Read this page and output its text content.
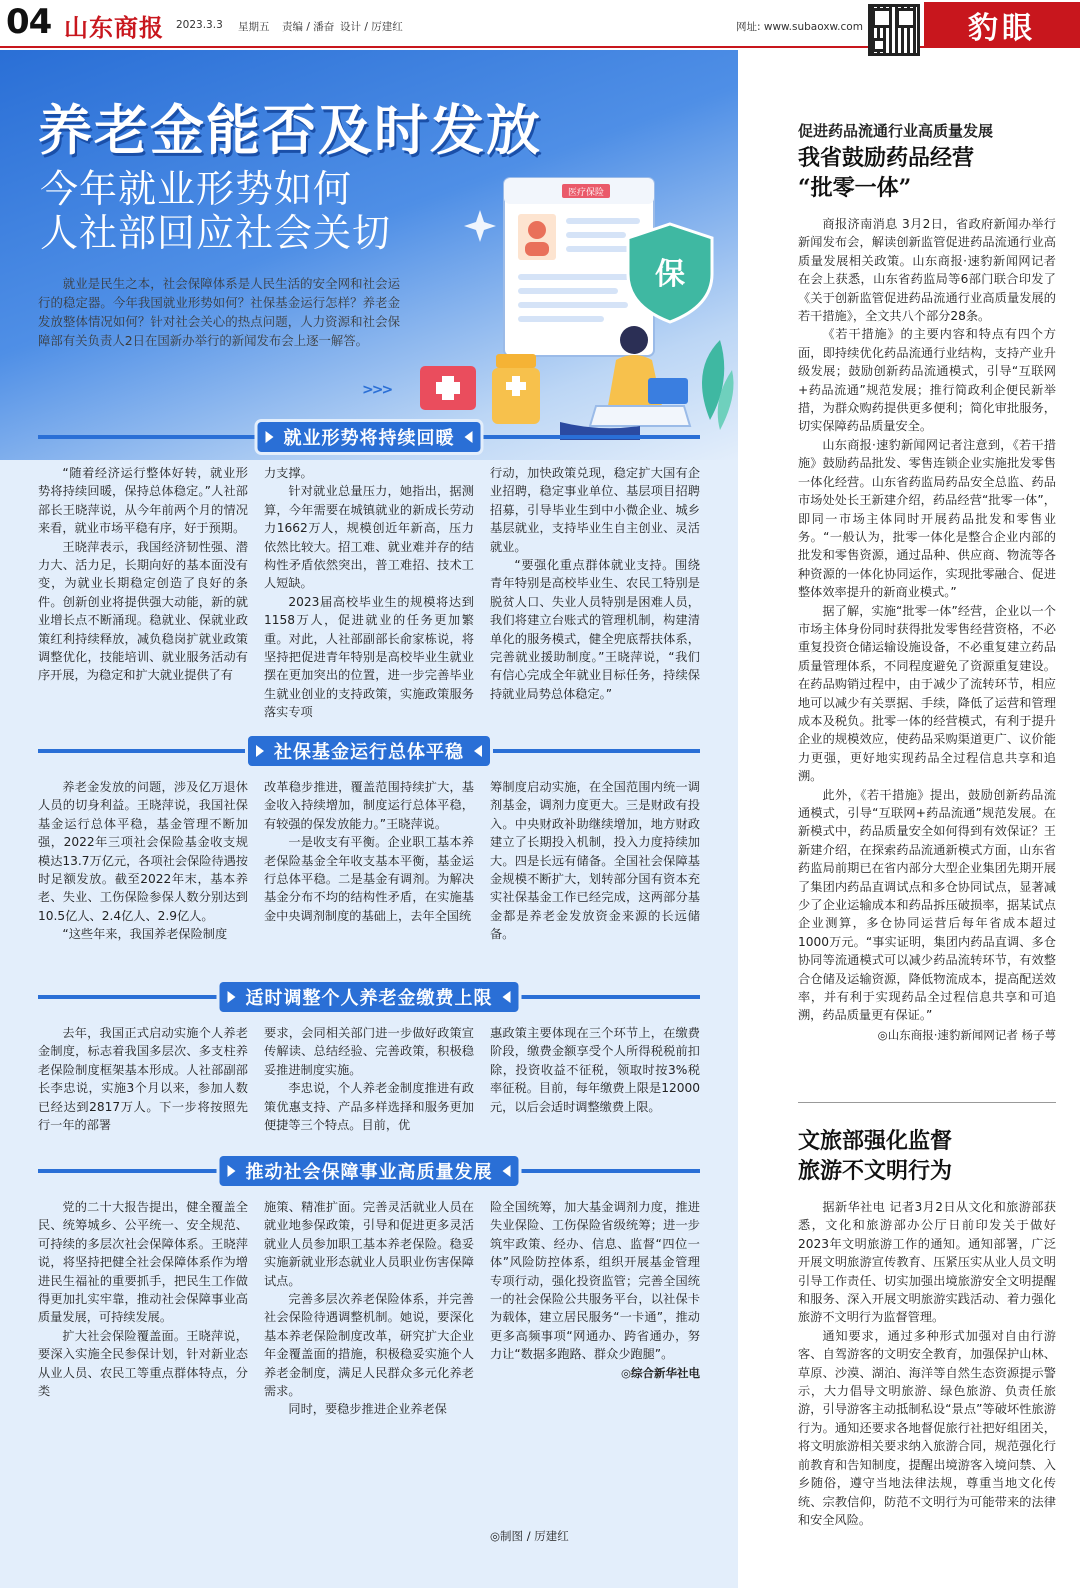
04 山东商报 2023.3.3 星期五 责编 / 潘奋 设计 / 厉建红	网址: www.subaoxw.com	豹眼
养老金能否及时发放
今年就业形势如何
人社部回应社会关切
医疗保险
保
就业是民生之本，社会保障体系是人民生活的安全网和社会运行的稳定器。今年我国就业形势如何？社保基金运行怎样？养老金发放整体情况如何？针对社会关心的热点问题，人力资源和社会保障部有关负责人2日在国新办举行的新闻发布会上逐一解答。
>>>
就业形势将持续回暖

“随着经济运行整体好转，就业形势将持续回暖，保持总体稳定。”人社部部长王晓萍说，从今年前两个月的情况来看，就业市场平稳有序，好于预期。

王晓萍表示，我国经济韧性强、潜力大、活力足，长期向好的基本面没有变，为就业长期稳定创造了良好的条件。创新创业将提供强大动能，新的就业增长点不断涌现。稳就业、保就业政策红利持续释放，减负稳岗扩就业政策调整优化，技能培训、就业服务活动有序开展，为稳定和扩大就业提供了有

力支撑。

针对就业总量压力，她指出，据测算，今年需要在城镇就业的新成长劳动力1662万人，规模创近年新高，压力依然比较大。招工难、就业难并存的结构性矛盾依然突出，普工难招、技术工人短缺。

2023届高校毕业生的规模将达到1158万人，促进就业的任务更加繁重。对此，人社部副部长俞家栋说，将坚持把促进青年特别是高校毕业生就业摆在更加突出的位置，进一步完善毕业生就业创业的支持政策，实施政策服务落实专项

行动，加快政策兑现，稳定扩大国有企业招聘，稳定事业单位、基层项目招聘招募，引导毕业生到中小微企业、城乡基层就业，支持毕业生自主创业、灵活就业。

“要强化重点群体就业支持。围绕青年特别是高校毕业生、农民工特别是脱贫人口、失业人员特别是困难人员，我们将建立台账式的管理机制，构建清单化的服务模式，健全兜底帮扶体系，完善就业援助制度。”王晓萍说，“我们有信心完成全年就业目标任务，持续保持就业局势总体稳定。”

社保基金运行总体平稳

养老金发放的问题，涉及亿万退休人员的切身利益。王晓萍说，我国社保基金运行总体平稳，基金管理不断加强，2022年三项社会保险基金收支规模达13.7万亿元，各项社会保险待遇按时足额发放。截至2022年末，基本养老、失业、工伤保险参保人数分别达到10.5亿人、2.4亿人、2.9亿人。

“这些年来，我国养老保险制度

改革稳步推进，覆盖范围持续扩大，基金收入持续增加，制度运行总体平稳，有较强的保发放能力。”王晓萍说。

一是收支有平衡。企业职工基本养老保险基金全年收支基本平衡，基金运行总体平稳。二是基金有调剂。为解决基金分布不均的结构性矛盾，在实施基金中央调剂制度的基础上，去年全国统

筹制度启动实施，在全国范围内统一调剂基金，调剂力度更大。三是财政有投入。中央财政补助继续增加，地方财政建立了长期投入机制，投入力度持续加大。四是长远有储备。全国社会保障基金规模不断扩大，划转部分国有资本充实社保基金工作已经完成，这两部分基金都是养老金发放资金来源的长远储备。

适时调整个人养老金缴费上限

去年，我国正式启动实施个人养老金制度，标志着我国多层次、多支柱养老保险制度框架基本形成。人社部副部长李忠说，实施3个月以来，参加人数已经达到2817万人。下一步将按照先行一年的部署

要求，会同相关部门进一步做好政策宣传解读、总结经验、完善政策，积极稳妥推进制度实施。

李忠说，个人养老金制度推进有政策优惠支持、产品多样选择和服务更加便捷等三个特点。目前，优

惠政策主要体现在三个环节上，在缴费阶段，缴费金额享受个人所得税税前扣除，投资收益不征税，领取时按3%税率征税。目前，每年缴费上限是12000元，以后会适时调整缴费上限。

推动社会保障事业高质量发展

党的二十大报告提出，健全覆盖全民、统筹城乡、公平统一、安全规范、可持续的多层次社会保障体系。王晓萍说，将坚持把健全社会保障体系作为增进民生福祉的重要抓手，把民生工作做得更加扎实牢靠，推动社会保障事业高质量发展，可持续发展。

扩大社会保险覆盖面。王晓萍说，要深入实施全民参保计划，针对新业态从业人员、农民工等重点群体特点，分类

施策、精准扩面。完善灵活就业人员在就业地参保政策，引导和促进更多灵活就业人员参加职工基本养老保险。稳妥实施新就业形态就业人员职业伤害保障试点。

完善多层次养老保险体系，并完善社会保险待遇调整机制。她说，要深化基本养老保险制度改革，研究扩大企业年金覆盖面的措施，积极稳妥实施个人养老金制度，满足人民群众多元化养老需求。

同时，要稳步推进企业养老保

险全国统筹，加大基金调剂力度，推进失业保险、工伤保险省级统筹；进一步筑牢政策、经办、信息、监督“四位一体”风险防控体系，组织开展基金管理专项行动，强化投资监管；完善全国统一的社会保险公共服务平台，以社保卡为载体，建立居民服务“一卡通”，推动更多高频事项“网通办、跨省通办，努力让“数据多跑路、群众少跑腿”。

◎综合新华社电
◎制图 / 厉建红
促进药品流通行业高质量发展
我省鼓励药品经营
“批零一体”

商报济南消息 3月2日，省政府新闻办举行新闻发布会，解读创新监管促进药品流通行业高质量发展相关政策。山东商报·速豹新闻网记者在会上获悉，山东省药监局等6部门联合印发了《关于创新监管促进药品流通行业高质量发展的若干措施》，全文共八个部分28条。

《若干措施》的主要内容和特点有四个方面，即持续优化药品流通行业结构，支持产业升级发展；鼓励创新药品流通模式，引导“互联网+药品流通”规范发展；推行简政利企便民新举措，为群众购药提供更多便利；简化审批服务，切实保障药品质量安全。

山东商报·速豹新闻网记者注意到，《若干措施》鼓励药品批发、零售连锁企业实施批发零售一体化经营。山东省药监局药品安全总监、药品市场处处长王新建介绍，药品经营“批零一体”，即同一市场主体同时开展药品批发和零售业务。“一般认为，批零一体化是整合企业内部的批发和零售资源，通过品种、供应商、物流等各种资源的一体化协同运作，实现批零融合、促进整体效率提升的新商业模式。”

据了解，实施“批零一体”经营，企业以一个市场主体身份同时获得批发零售经营资格，不必重复投资仓储运输设施设备，不必重复建立药品质量管理体系，不同程度避免了资源重复建设。在药品购销过程中，由于减少了流转环节，相应地可以减少有关票据、手续，降低了运营和管理成本及税负。批零一体的经营模式，有利于提升企业的规模效应，使药品采购渠道更广、议价能力更强，更好地实现药品全过程信息共享和追溯。

此外，《若干措施》提出，鼓励创新药品流通模式，引导“互联网+药品流通”规范发展。在新模式中，药品质量安全如何得到有效保证？王新建介绍，在探索药品流通新模式方面，山东省药监局前期已在省内部分大型企业集团先期开展了集团内药品直调试点和多仓协同试点，显著减少了企业运输成本和药品拆压破损率，据某试点企业测算，多仓协同运营后每年省成本超过1000万元。“事实证明，集团内药品直调、多仓协同等流通模式可以减少药品流转环节，有效整合仓储及运输资源，降低物流成本，提高配送效率，并有利于实现药品全过程信息共享和可追溯，药品质量更有保证。”

◎山东商报·速豹新闻网记者 杨子萼
文旅部强化监督
旅游不文明行为

据新华社电 记者3月2日从文化和旅游部获悉，文化和旅游部办公厅日前印发关于做好2023年文明旅游工作的通知。通知部署，广泛开展文明旅游宣传教育、压紧压实从业人员文明引导工作责任、切实加强出境旅游安全文明提醒和服务、深入开展文明旅游实践活动、着力强化旅游不文明行为监督管理。

通知要求，通过多种形式加强对自由行游客、自驾游客的文明安全教育，加强保护山林、草原、沙漠、湖泊、海洋等自然生态资源提示警示，大力倡导文明旅游、绿色旅游、负责任旅游，引导游客主动抵制私设“景点”等破坏性旅游行为。通知还要求各地督促旅行社把好组团关，将文明旅游相关要求纳入旅游合同，规范强化行前教育和告知制度，提醒出境游客入境问禁、入乡随俗，遵守当地法律法规，尊重当地文化传统、宗教信仰，防范不文明行为可能带来的法律和安全风险。
